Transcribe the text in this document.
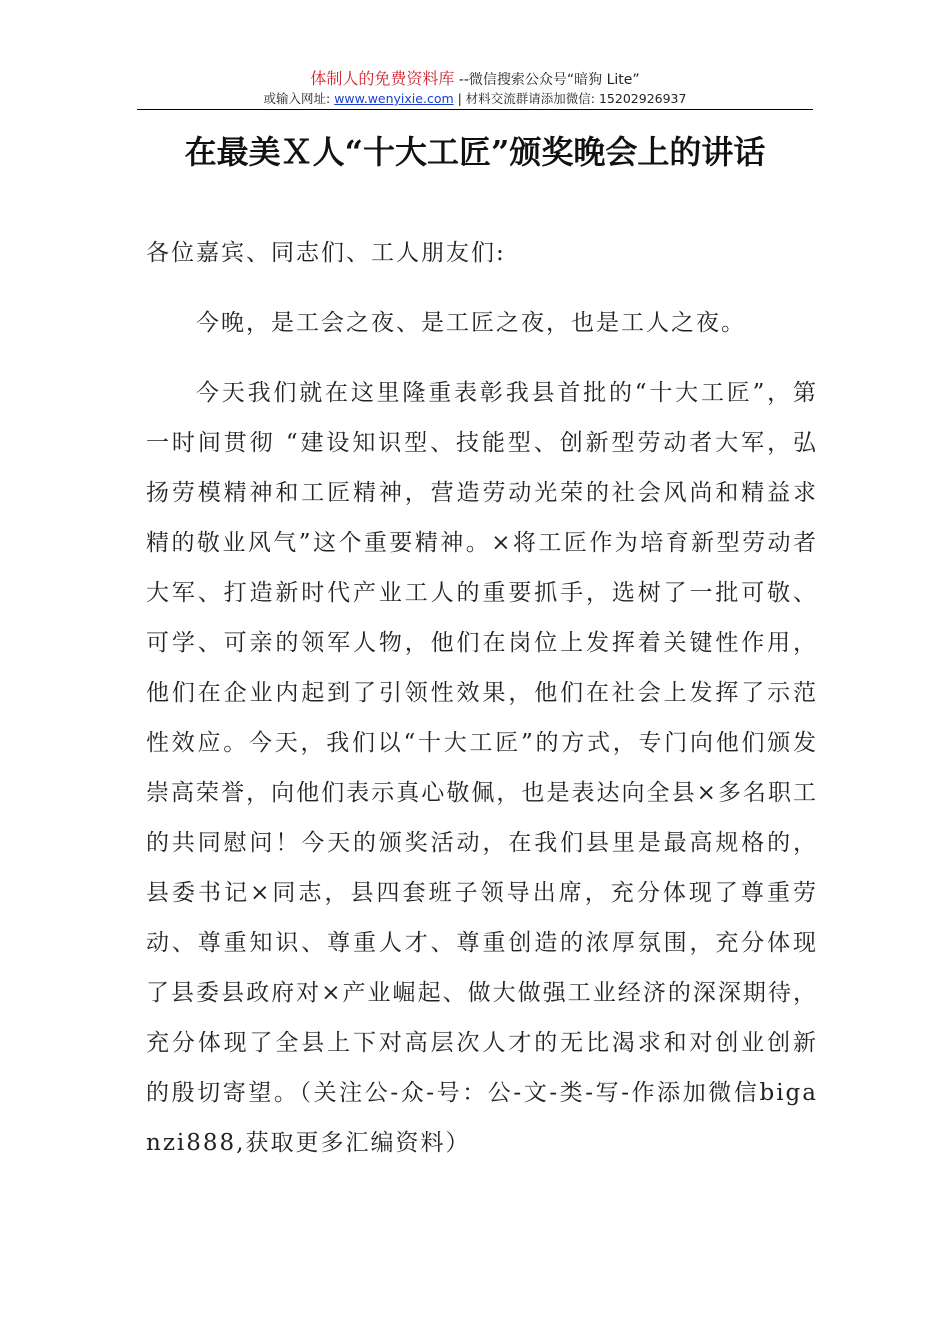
体制人的免费资料库 --微信搜索公众号“暗狗 Lite”
或输入网址: www.wenyixie.com | 材料交流群请添加微信: 15202926937
在最美Ｘ人“十大工匠”颁奖晚会上的讲话

各位嘉宾、同志们、工人朋友们:

今晚，是工会之夜、是工匠之夜，也是工人之夜。

今天我们就在这里隆重表彰我县首批的“十大工匠”，第一时间贯彻 “建设知识型、技能型、创新型劳动者大军，弘扬劳模精神和工匠精神，营造劳动光荣的社会风尚和精益求精的敬业风气”这个重要精神。×将工匠作为培育新型劳动者大军、打造新时代产业工人的重要抓手，选树了一批可敬、可学、可亲的领军人物，他们在岗位上发挥着关键性作用，他们在企业内起到了引领性效果，他们在社会上发挥了示范性效应。今天，我们以“十大工匠”的方式，专门向他们颁发崇高荣誉，向他们表示真心敬佩，也是表达向全县×多名职工的共同慰问！今天的颁奖活动，在我们县里是最高规格的，县委书记×同志，县四套班子领导出席，充分体现了尊重劳动、尊重知识、尊重人才、尊重创造的浓厚氛围，充分体现了县委县政府对×产业崛起、做大做强工业经济的深深期待，充分体现了全县上下对高层次人才的无比渴求和对创业创新的殷切寄望。（关注公-众-号：公-文-类-写-作添加微信biganzi888,获取更多汇编资料）
